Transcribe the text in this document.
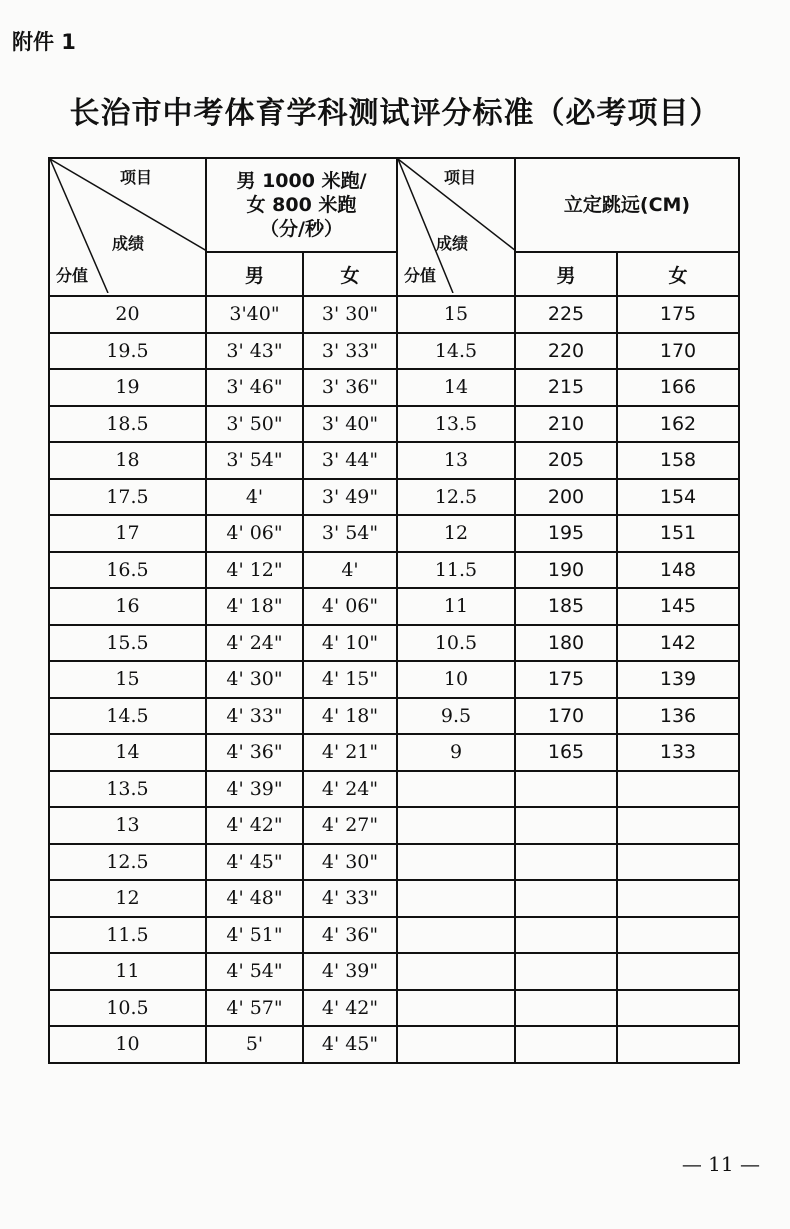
附件 1
长治市中考体育学科测试评分标准（必考项目）
项目
成绩
分值	男 1000 米跑/
女 800 米跑
（分/秒）		项目
成绩
分值	立定跳远(CM)	
	男	女		男	女
20	3'40"	3' 30"	15	225	175
19.5	3' 43"	3' 33"	14.5	220	170
19	3' 46"	3' 36"	14	215	166
18.5	3' 50"	3' 40"	13.5	210	162
18	3' 54"	3' 44"	13	205	158
17.5	4'	3' 49"	12.5	200	154
17	4' 06"	3' 54"	12	195	151
16.5	4' 12"	4'	11.5	190	148
16	4' 18"	4' 06"	11	185	145
15.5	4' 24"	4' 10"	10.5	180	142
15	4' 30"	4' 15"	10	175	139
14.5	4' 33"	4' 18"	9.5	170	136
14	4' 36"	4' 21"	9	165	133
13.5	4' 39"	4' 24"			
13	4' 42"	4' 27"			
12.5	4' 45"	4' 30"			
12	4' 48"	4' 33"			
11.5	4' 51"	4' 36"			
11	4' 54"	4' 39"			
10.5	4' 57"	4' 42"			
10	5'	4' 45"			
— 11 —
